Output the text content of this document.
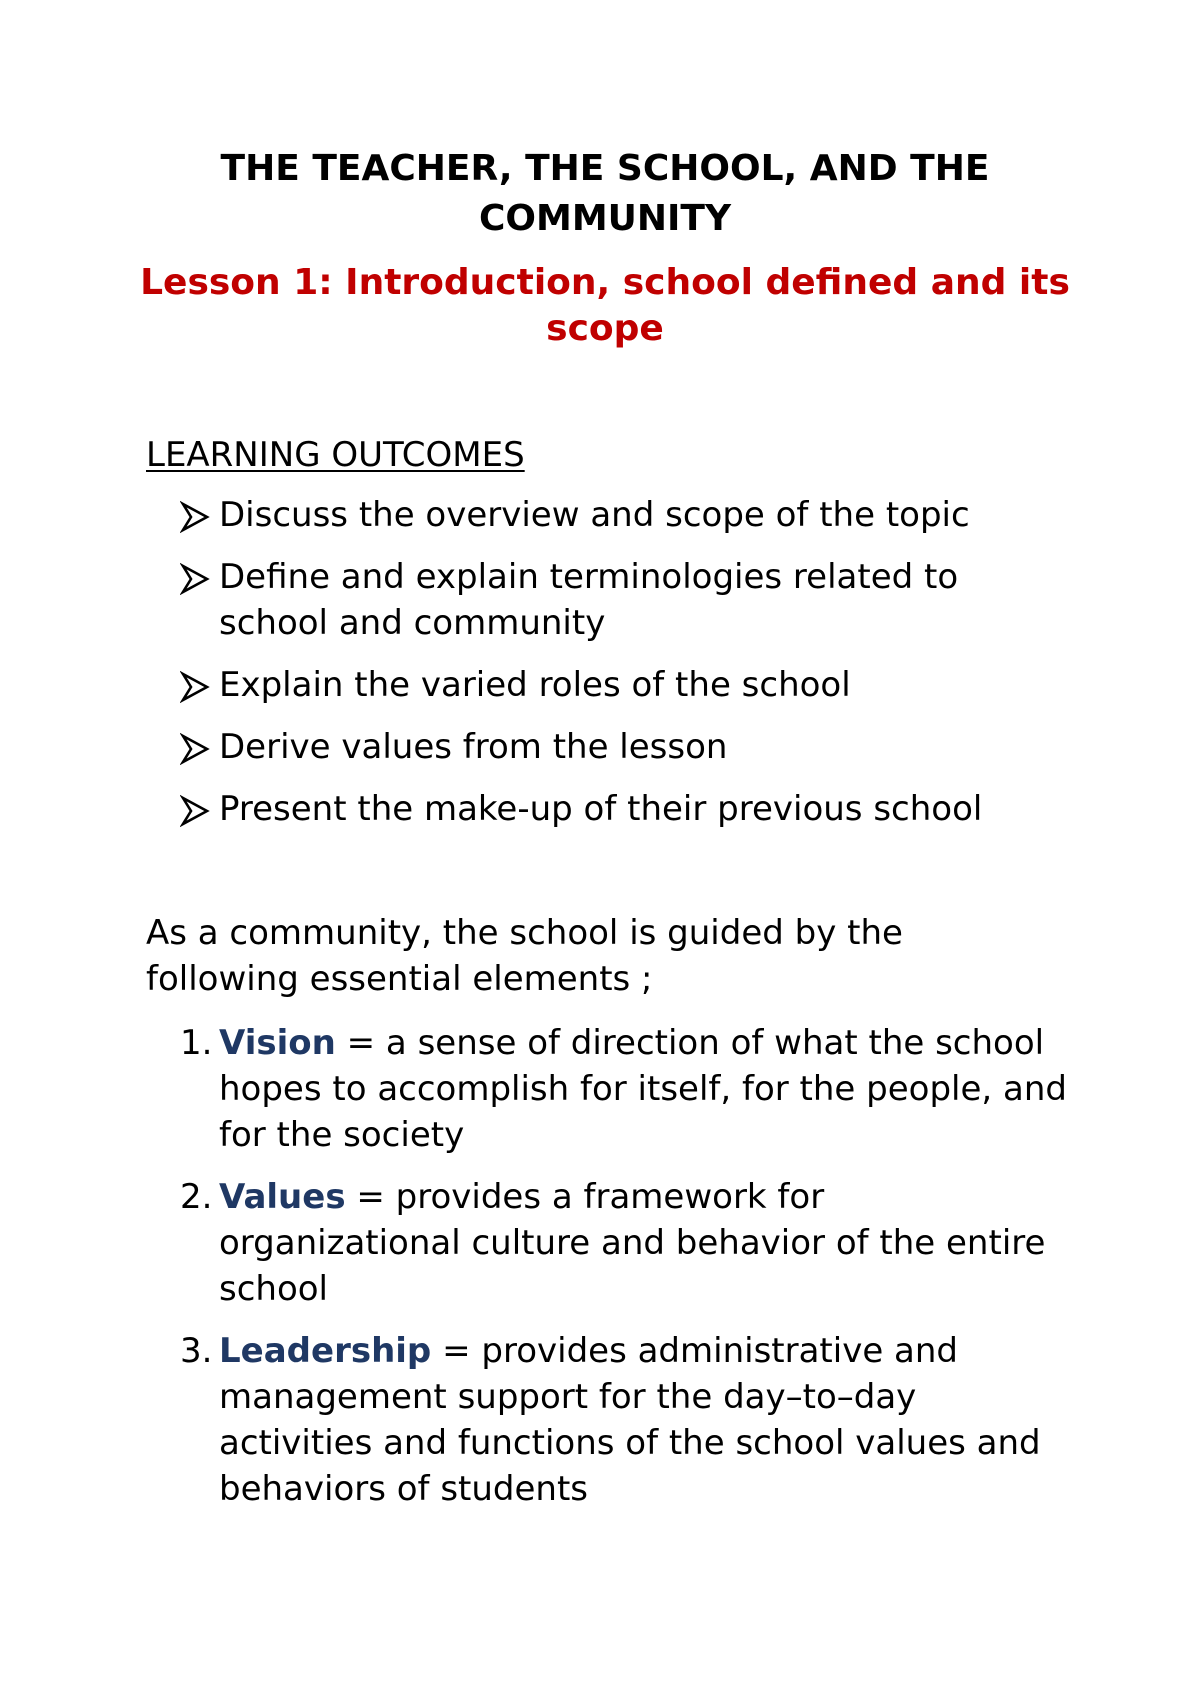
THE TEACHER, THE SCHOOL, AND THE COMMUNITY
Lesson 1: Introduction, school defined and its scope
LEARNING OUTCOMES
Discuss the overview and scope of the topic
Define and explain terminologies related to school and community
Explain the varied roles of the school
Derive values from the lesson
Present the make-up of their previous school

As a community, the school is guided by the following essential elements ;

1. Vision = a sense of direction of what the school hopes to accomplish for itself, for the people, and for the society
2. Values = provides a framework for organizational culture and behavior of the entire school
3. Leadership = provides administrative and management support for the day–to–day activities and functions of the school values and behaviors of students
